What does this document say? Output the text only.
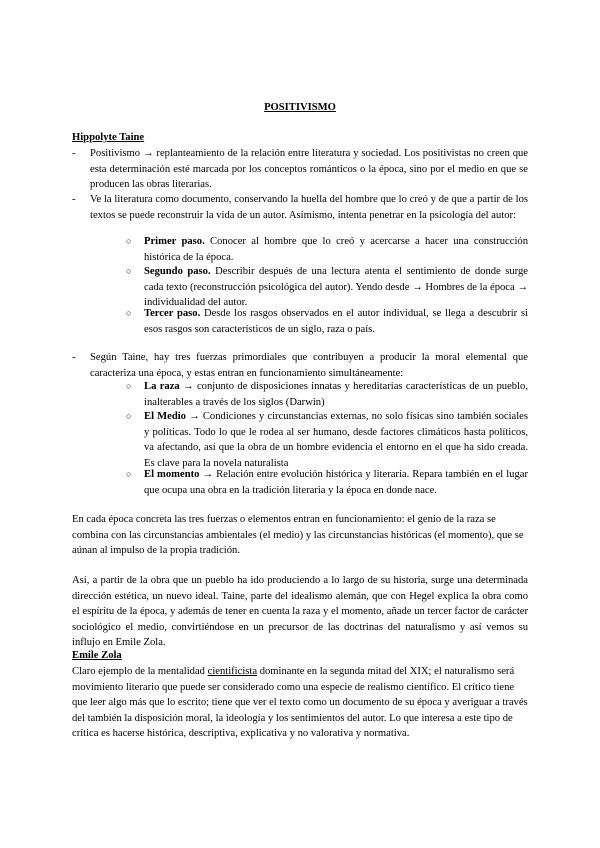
POSITIVISMO
Hippolyte Taine
- Positivismo → replanteamiento de la relación entre literatura y sociedad. Los positivistas no creen que esta determinación esté marcada por los conceptos románticos o la época, sino por el medio en que se producen las obras literarias.
- Ve la literatura como documento, conservando la huella del hombre que lo creó y de que a partir de los textos se puede reconstruir la vida de un autor. Asimismo, intenta penetrar en la psicología del autor:
○ Primer paso. Conocer al hombre que lo creó y acercarse a hacer una construcción histórica de la época.
○ Segundo paso. Describir después de una lectura atenta el sentimiento de donde surge cada texto (reconstrucción psicológica del autor). Yendo desde → Hombres de la época → individualidad del autor.
○ Tercer paso. Desde los rasgos observados en el autor individual, se llega a descubrir si esos rasgos son característicos de un siglo, raza o país.
- Según Taine, hay tres fuerzas primordiales que contribuyen a producir la moral elemental que caracteriza una época, y estas entran en funcionamiento simultáneamente:
○ La raza → conjunto de disposiciones innatas y hereditarias características de un pueblo, inalterables a través de los siglos (Darwin)
○ El Medio → Condiciones y circunstancias externas, no solo físicas sino también sociales y políticas. Todo lo que le rodea al ser humano, desde factores climáticos hasta políticos, va afectando, así que la obra de un hombre evidencia el entorno en el que ha sido creada. Es clave para la novela naturalista
○ El momento → Relación entre evolución histórica y literaria. Repara también en el lugar que ocupa una obra en la tradición literaria y la época en donde nace.
En cada época concreta las tres fuerzas o elementos entran en funcionamiento: el genio de la raza se combina con las circunstancias ambientales (el medio) y las circunstancias históricas (el momento), que se aúnan al impulso de la propia tradición.
Así, a partir de la obra que un pueblo ha ido produciendo a lo largo de su historia, surge una determinada dirección estética, un nuevo ideal. Taine, parte del idealismo alemán, que con Hegel explica la obra como el espíritu de la época, y además de tener en cuenta la raza y el momento, añade un tercer factor de carácter sociológico el medio, convirtiéndose en un precursor de las doctrinas del naturalismo y así vemos su influjo en Emile Zola.
Emile Zola
Claro ejemplo de la mentalidad cientificista dominante en la segunda mitad del XIX; el naturalismo será movimiento literario que puede ser considerado como una especie de realismo científico. El crítico tiene que leer algo más que lo escrito; tiene que ver el texto como un documento de su época y averiguar a través del también la disposición moral, la ideología y los sentimientos del autor. Lo que interesa a este tipo de crítica es hacerse histórica, descriptiva, explicativa y no valorativa y normativa.
